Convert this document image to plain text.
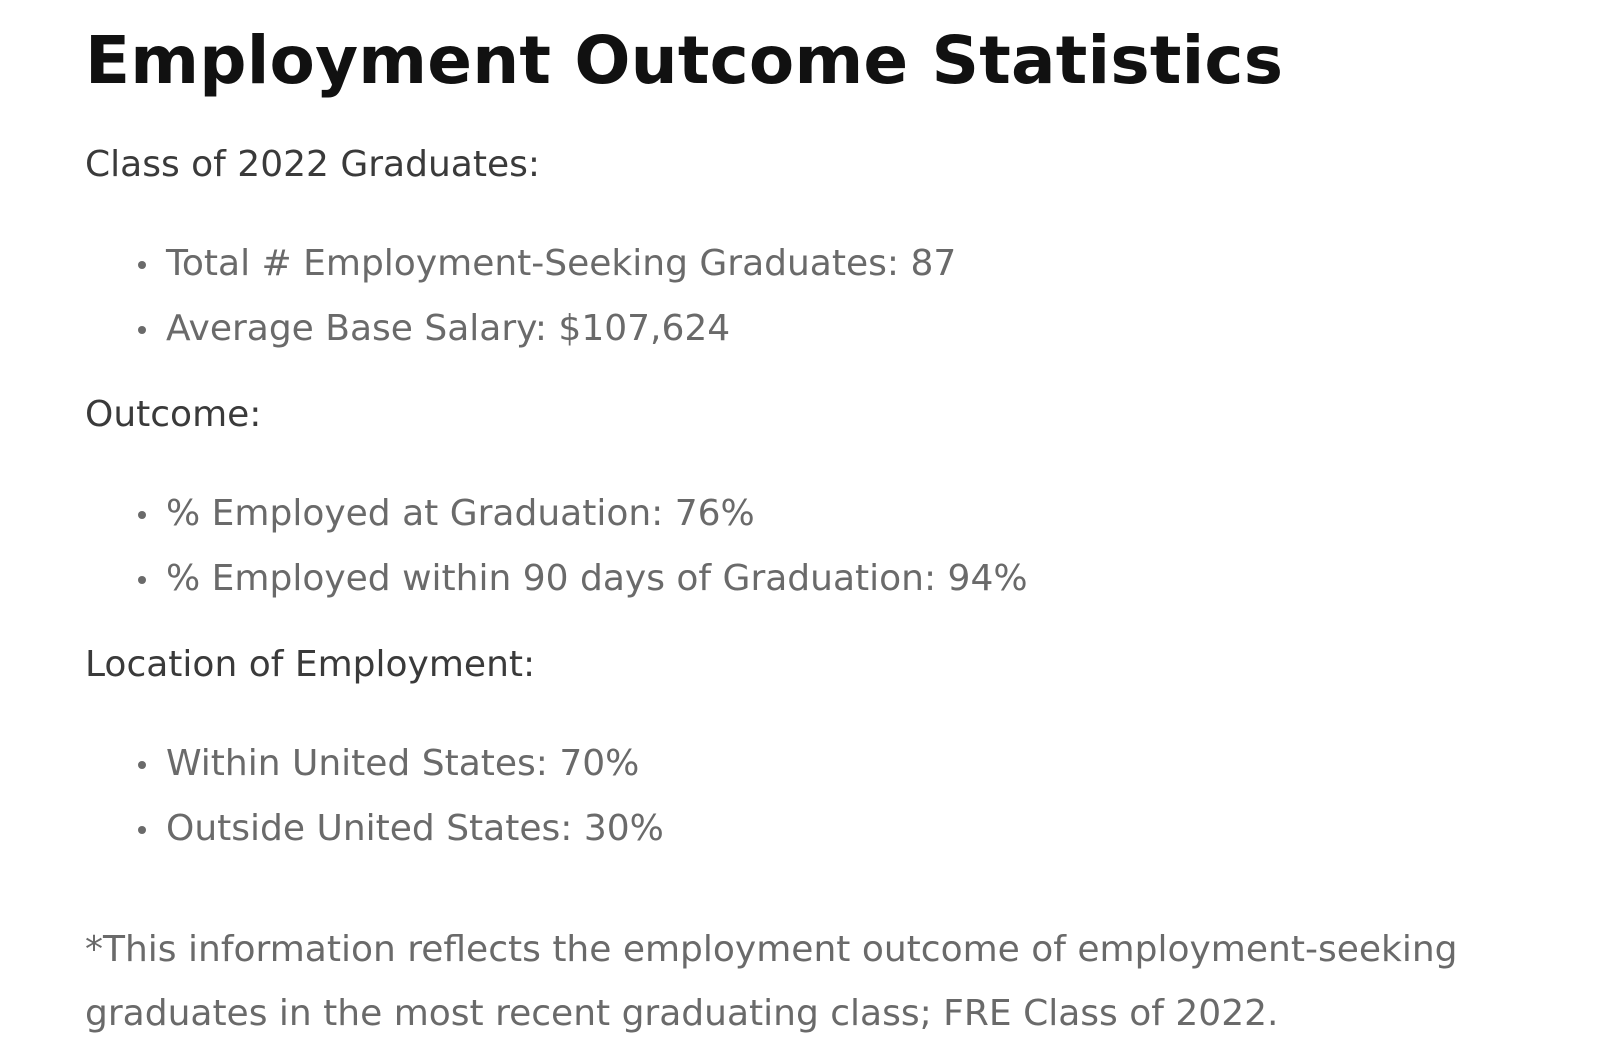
Employment Outcome Statistics

Class of 2022 Graduates:

Total # Employment-Seeking Graduates: 87
Average Base Salary: $107,624

Outcome:

% Employed at Graduation: 76%
% Employed within 90 days of Graduation: 94%

Location of Employment:

Within United States: 70%
Outside United States: 30%

*This information reflects the employment outcome of employment-seeking graduates in the most recent graduating class; FRE Class of 2022.
